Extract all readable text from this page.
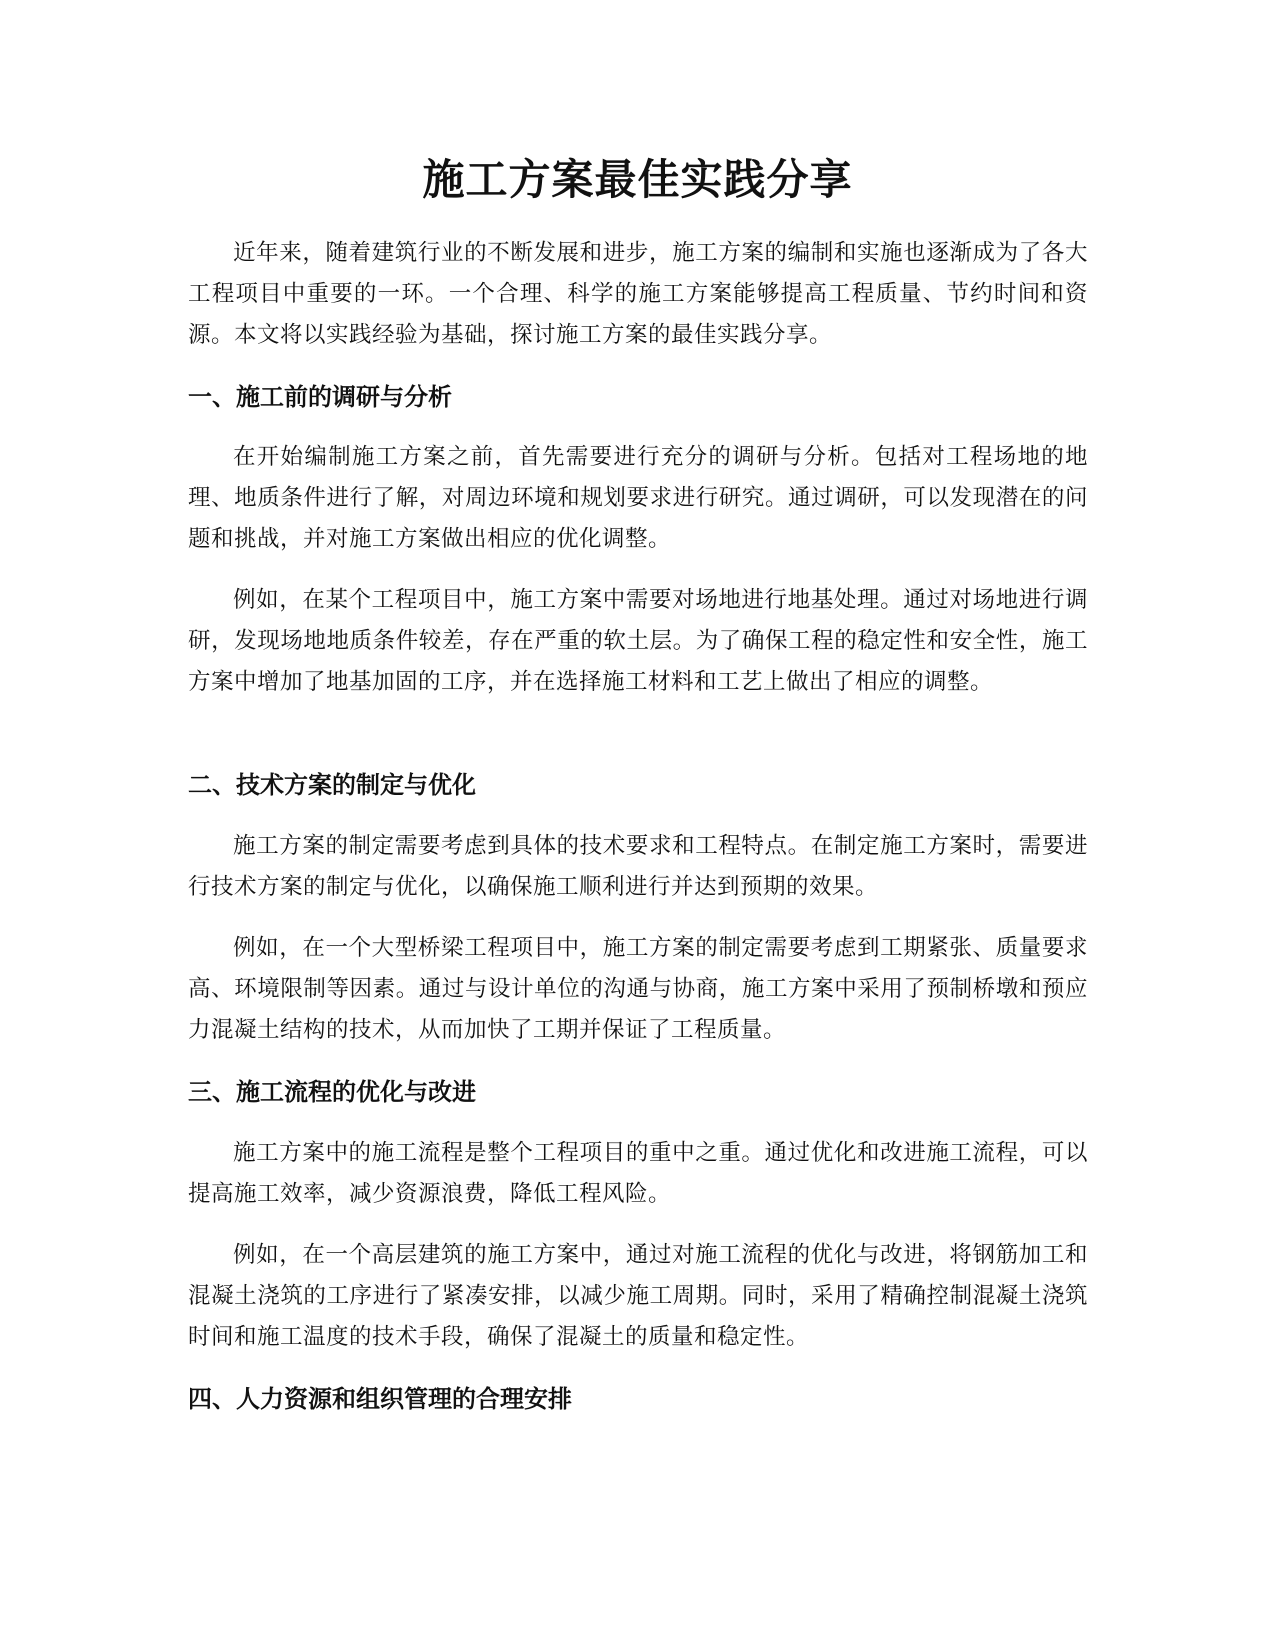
施工方案最佳实践分享

近年来，随着建筑行业的不断发展和进步，施工方案的编制和实施也逐渐成为了各大工程项目中重要的一环。一个合理、科学的施工方案能够提高工程质量、节约时间和资源。本文将以实践经验为基础，探讨施工方案的最佳实践分享。

一、施工前的调研与分析

在开始编制施工方案之前，首先需要进行充分的调研与分析。包括对工程场地的地理、地质条件进行了解，对周边环境和规划要求进行研究。通过调研，可以发现潜在的问题和挑战，并对施工方案做出相应的优化调整。

例如，在某个工程项目中，施工方案中需要对场地进行地基处理。通过对场地进行调研，发现场地地质条件较差，存在严重的软土层。为了确保工程的稳定性和安全性，施工方案中增加了地基加固的工序，并在选择施工材料和工艺上做出了相应的调整。

二、技术方案的制定与优化

施工方案的制定需要考虑到具体的技术要求和工程特点。在制定施工方案时，需要进行技术方案的制定与优化，以确保施工顺利进行并达到预期的效果。

例如，在一个大型桥梁工程项目中，施工方案的制定需要考虑到工期紧张、质量要求高、环境限制等因素。通过与设计单位的沟通与协商，施工方案中采用了预制桥墩和预应力混凝土结构的技术，从而加快了工期并保证了工程质量。

三、施工流程的优化与改进

施工方案中的施工流程是整个工程项目的重中之重。通过优化和改进施工流程，可以提高施工效率，减少资源浪费，降低工程风险。

例如，在一个高层建筑的施工方案中，通过对施工流程的优化与改进，将钢筋加工和混凝土浇筑的工序进行了紧凑安排，以减少施工周期。同时，采用了精确控制混凝土浇筑时间和施工温度的技术手段，确保了混凝土的质量和稳定性。

四、人力资源和组织管理的合理安排
